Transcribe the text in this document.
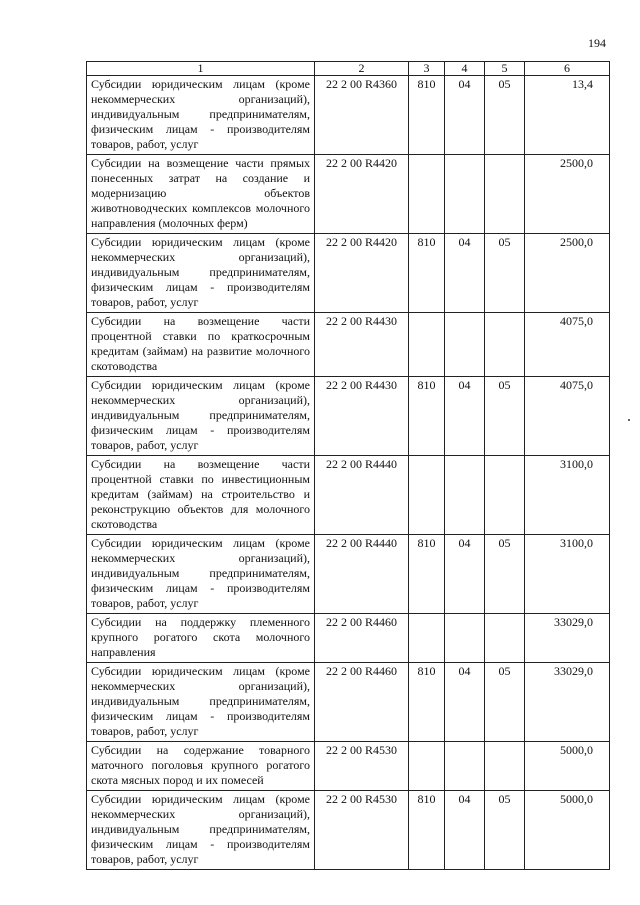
194
1	2	3	4	5	6
Субсидии юридическим лицам (кроме некоммерческих организаций), индивидуальным предпринимателям, физическим лицам - производителям товаров, работ, услуг	22 2 00 R4360	810	04	05	13,4
Субсидии на возмещение части прямых понесенных затрат на создание и модернизацию объектов животноводческих комплексов молочного направления (молочных ферм)	22 2 00 R4420				2500,0
Субсидии юридическим лицам (кроме некоммерческих организаций), индивидуальным предпринимателям, физическим лицам - производителям товаров, работ, услуг	22 2 00 R4420	810	04	05	2500,0
Субсидии на возмещение части процентной ставки по краткосрочным кредитам (займам) на развитие молочного скотоводства	22 2 00 R4430				4075,0
Субсидии юридическим лицам (кроме некоммерческих организаций), индивидуальным предпринимателям, физическим лицам - производителям товаров, работ, услуг	22 2 00 R4430	810	04	05	4075,0
Субсидии на возмещение части процентной ставки по инвестиционным кредитам (займам) на строительство и реконструкцию объектов для молочного скотоводства	22 2 00 R4440				3100,0
Субсидии юридическим лицам (кроме некоммерческих организаций), индивидуальным предпринимателям, физическим лицам - производителям товаров, работ, услуг	22 2 00 R4440	810	04	05	3100,0
Субсидии на поддержку племенного крупного рогатого скота молочного направления	22 2 00 R4460				33029,0
Субсидии юридическим лицам (кроме некоммерческих организаций), индивидуальным предпринимателям, физическим лицам - производителям товаров, работ, услуг	22 2 00 R4460	810	04	05	33029,0
Субсидии на содержание товарного маточного поголовья крупного рогатого скота мясных пород и их помесей	22 2 00 R4530				5000,0
Субсидии юридическим лицам (кроме некоммерческих организаций), индивидуальным предпринимателям, физическим лицам - производителям товаров, работ, услуг	22 2 00 R4530	810	04	05	5000,0
